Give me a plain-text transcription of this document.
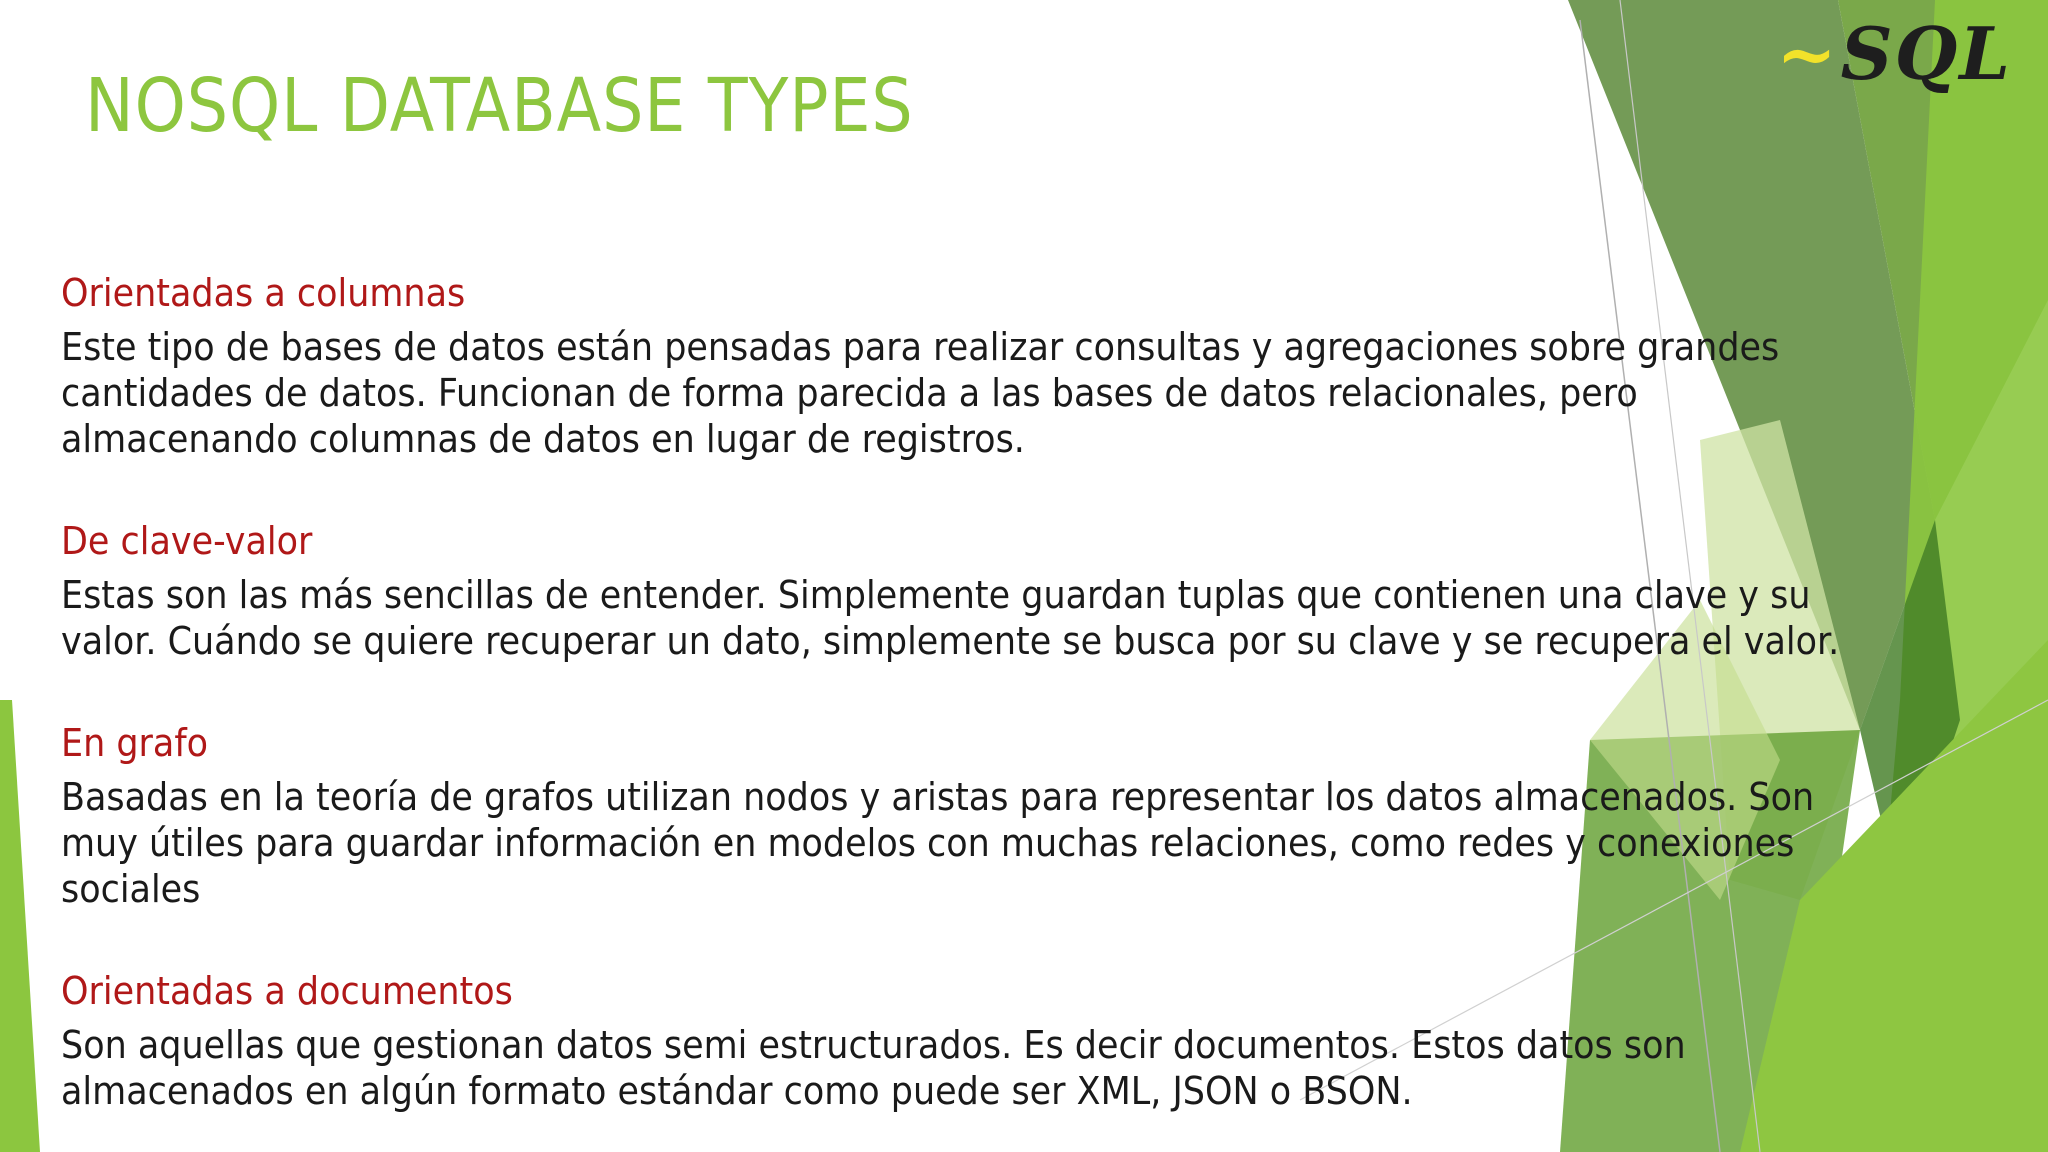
~SQL
NOSQL DATABASE TYPES
Orientadas a columnas

Este tipo de bases de datos están pensadas para realizar consultas y agregaciones sobre grandes cantidades de datos. Funcionan de forma parecida a las bases de datos relacionales, pero almacenando columnas de datos en lugar de registros.

De clave-valor

Estas son las más sencillas de entender. Simplemente guardan tuplas que contienen una clave y su valor. Cuándo se quiere recuperar un dato, simplemente se busca por su clave y se recupera el valor.

En grafo

Basadas en la teoría de grafos utilizan nodos y aristas para representar los datos almacenados. Son muy útiles para guardar información en modelos con muchas relaciones, como redes y conexiones sociales

Orientadas a documentos

Son aquellas que gestionan datos semi estructurados. Es decir documentos. Estos datos son almacenados en algún formato estándar como puede ser XML, JSON o BSON.
